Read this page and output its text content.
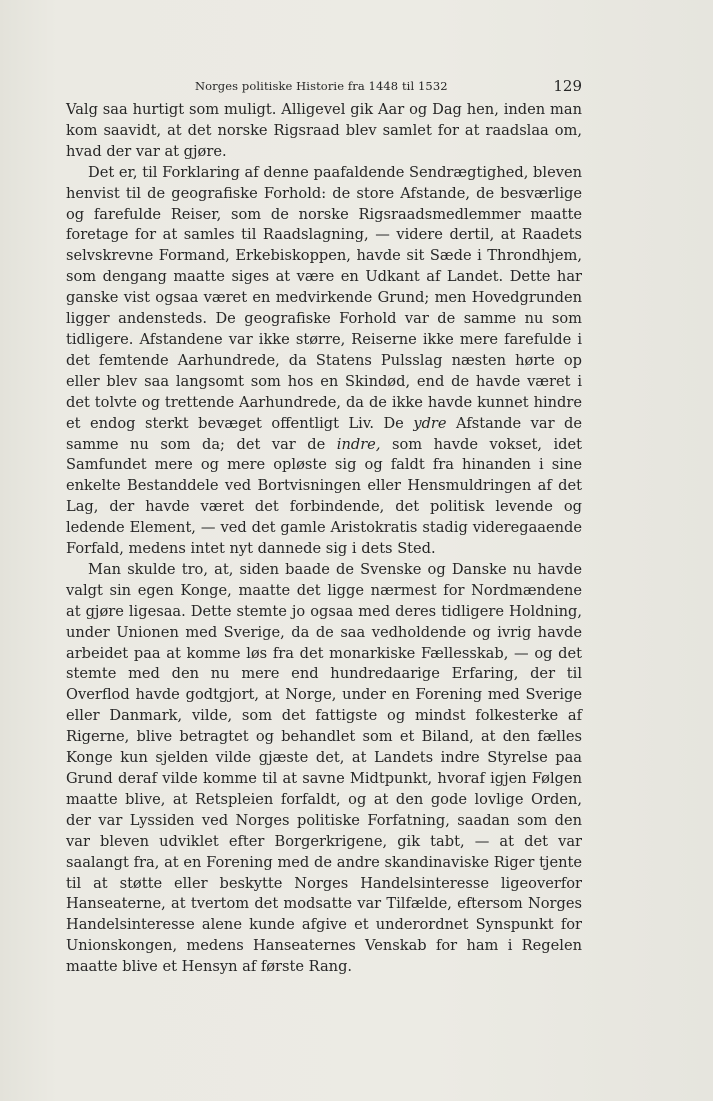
Norges politiske Historie fra 1448 til 1532	129

Valg saa hurtigt som muligt. Alligevel gik Aar og Dag hen, inden man kom saavidt, at det norske Rigsraad blev samlet for at raadslaa om, hvad der var at gjøre.

Det er, til Forklaring af denne paafaldende Sendrægtighed, bleven henvist til de geografiske Forhold: de store Afstande, de besværlige og farefulde Reiser, som de norske Rigsraadsmedlemmer maatte foretage for at samles til Raadslagning, — videre dertil, at Raadets selvskrevne Formand, Erkebiskoppen, havde sit Sæde i Throndhjem, som dengang maatte siges at være en Udkant af Landet. Dette har ganske vist ogsaa været en medvirkende Grund; men Hovedgrunden ligger andensteds. De geografiske Forhold var de samme nu som tidligere. Afstandene var ikke større, Reiserne ikke mere farefulde i det femtende Aarhundrede, da Statens Pulsslag næsten hørte op eller blev saa langsomt som hos en Skindød, end de havde været i det tolvte og trettende Aarhundrede, da de ikke havde kunnet hindre et endog sterkt bevæget offentligt Liv. De ydre Afstande var de samme nu som da; det var de indre, som havde vokset, idet Samfundet mere og mere opløste sig og faldt fra hinanden i sine enkelte Bestanddele ved Bortvisningen eller Hensmuldringen af det Lag, der havde været det forbindende, det politisk levende og ledende Element, — ved det gamle Aristokratis stadig videregaaende Forfald, medens intet nyt dannede sig i dets Sted.

Man skulde tro, at, siden baade de Svenske og Danske nu havde valgt sin egen Konge, maatte det ligge nærmest for Nordmændene at gjøre ligesaa. Dette stemte jo ogsaa med deres tidligere Holdning, under Unionen med Sverige, da de saa vedholdende og ivrig havde arbeidet paa at komme løs fra det monarkiske Fællesskab, — og det stemte med den nu mere end hundredaarige Erfaring, der til Overflod havde godtgjort, at Norge, under en Forening med Sverige eller Danmark, vilde, som det fattigste og mindst folkesterke af Rigerne, blive betragtet og behandlet som et Biland, at den fælles Konge kun sjelden vilde gjæste det, at Landets indre Styrelse paa Grund deraf vilde komme til at savne Midtpunkt, hvoraf igjen Følgen maatte blive, at Retspleien forfaldt, og at den gode lovlige Orden, der var Lyssiden ved Norges politiske Forfatning, saadan som den var bleven udviklet efter Borgerkrigene, gik tabt, — at det var saalangt fra, at en Forening med de andre skandinaviske Riger tjente til at støtte eller beskytte Norges Handelsinteresse ligeoverfor Hanseaterne, at tvertom det modsatte var Tilfælde, eftersom Norges Handelsinteresse alene kunde afgive et underordnet Synspunkt for Unionskongen, medens Hanseaternes Venskab for ham i Regelen maatte blive et Hensyn af første Rang.
